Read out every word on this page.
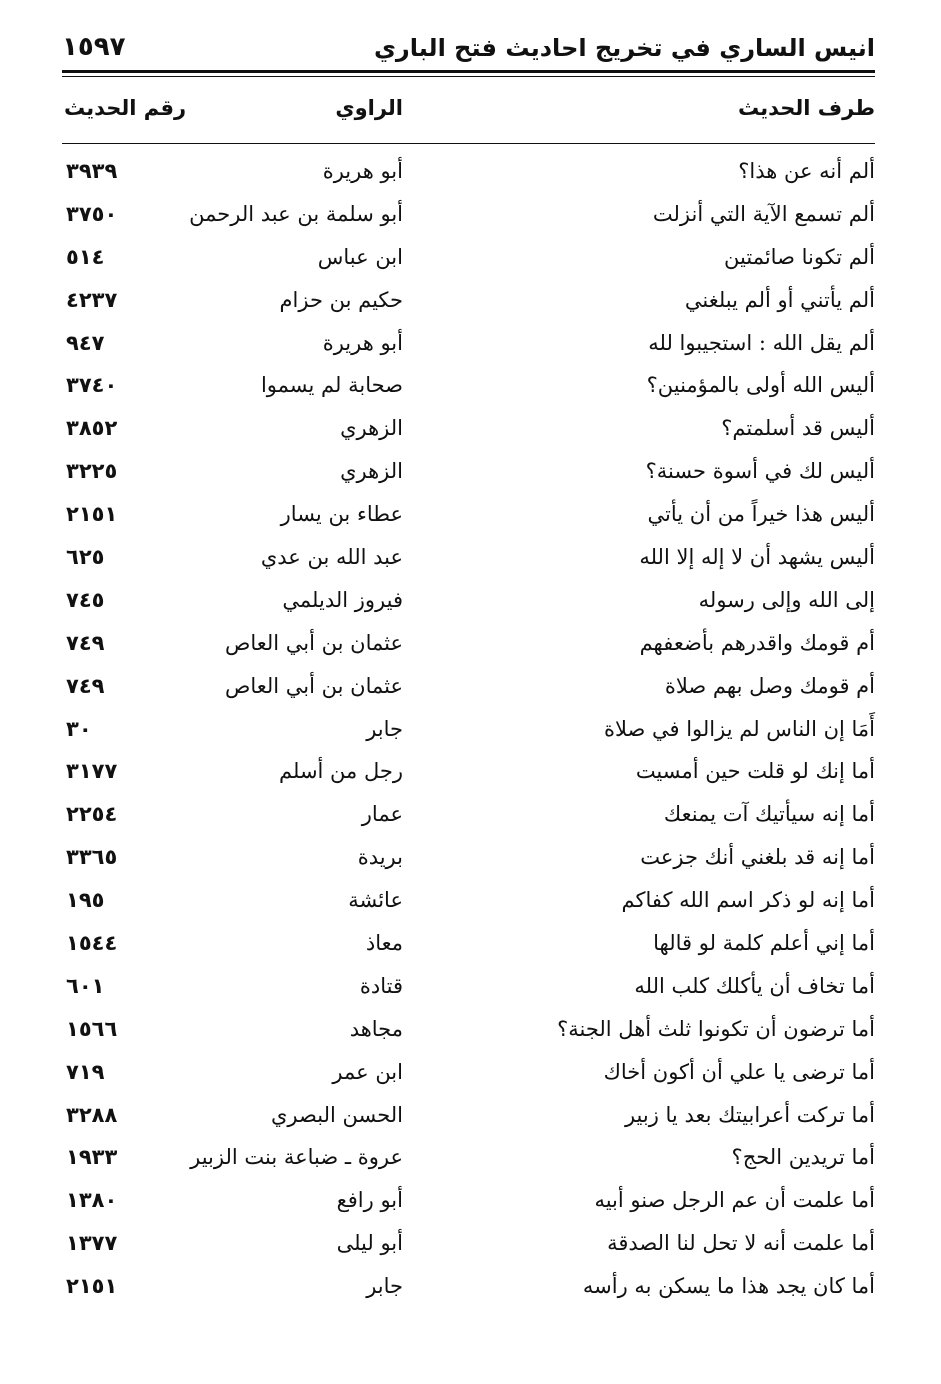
انيس الساري في تخريج احاديث فتح الباري
١٥٩٧
طرف الحديث
الراوي
رقم الحديث
ألم أنه عن هذا؟
أبو هريرة
٣٩٣٩
ألم تسمع الآية التي أنزلت
أبو سلمة بن عبد الرحمن
٣٧٥٠
ألم تكونا صائمتين
ابن عباس
٥١٤
ألم يأتني أو ألم يبلغني
حكيم بن حزام
٤٢٣٧
ألم يقل الله : استجيبوا لله
أبو هريرة
٩٤٧
أليس الله أولى بالمؤمنين؟
صحابة لم يسموا
٣٧٤٠
أليس قد أسلمتم؟
الزهري
٣٨٥٢
أليس لك في أسوة حسنة؟
الزهري
٣٢٢٥
أليس هذا خيراً من أن يأتي
عطاء بن يسار
٢١٥١
أليس يشهد أن لا إله إلا الله
عبد الله بن عدي
٦٢٥
إلى الله وإلى رسوله
فيروز الديلمي
٧٤٥
أم قومك واقدرهم بأضعفهم
عثمان بن أبي العاص
٧٤٩
أم قومك وصل بهم صلاة
عثمان بن أبي العاص
٧٤٩
أَمَا إن الناس لم يزالوا في صلاة
جابر
٣٠
أما إنك لو قلت حين أمسيت
رجل من أسلم
٣١٧٧
أما إنه سيأتيك آت يمنعك
عمار
٢٢٥٤
أما إنه قد بلغني أنك جزعت
بريدة
٣٣٦٥
أما إنه لو ذكر اسم الله كفاكم
عائشة
١٩٥
أما إني أعلم كلمة لو قالها
معاذ
١٥٤٤
أما تخاف أن يأكلك كلب الله
قتادة
٦٠١
أما ترضون أن تكونوا ثلث أهل الجنة؟
مجاهد
١٥٦٦
أما ترضى يا علي أن أكون أخاك
ابن عمر
٧١٩
أما تركت أعرابيتك بعد يا زبير
الحسن البصري
٣٢٨٨
أما تريدين الحج؟
عروة ـ ضباعة بنت الزبير
١٩٣٣
أما علمت أن عم الرجل صنو أبيه
أبو رافع
١٣٨٠
أما علمت أنه لا تحل لنا الصدقة
أبو ليلى
١٣٧٧
أما كان يجد هذا ما يسكن به رأسه
جابر
٢١٥١
